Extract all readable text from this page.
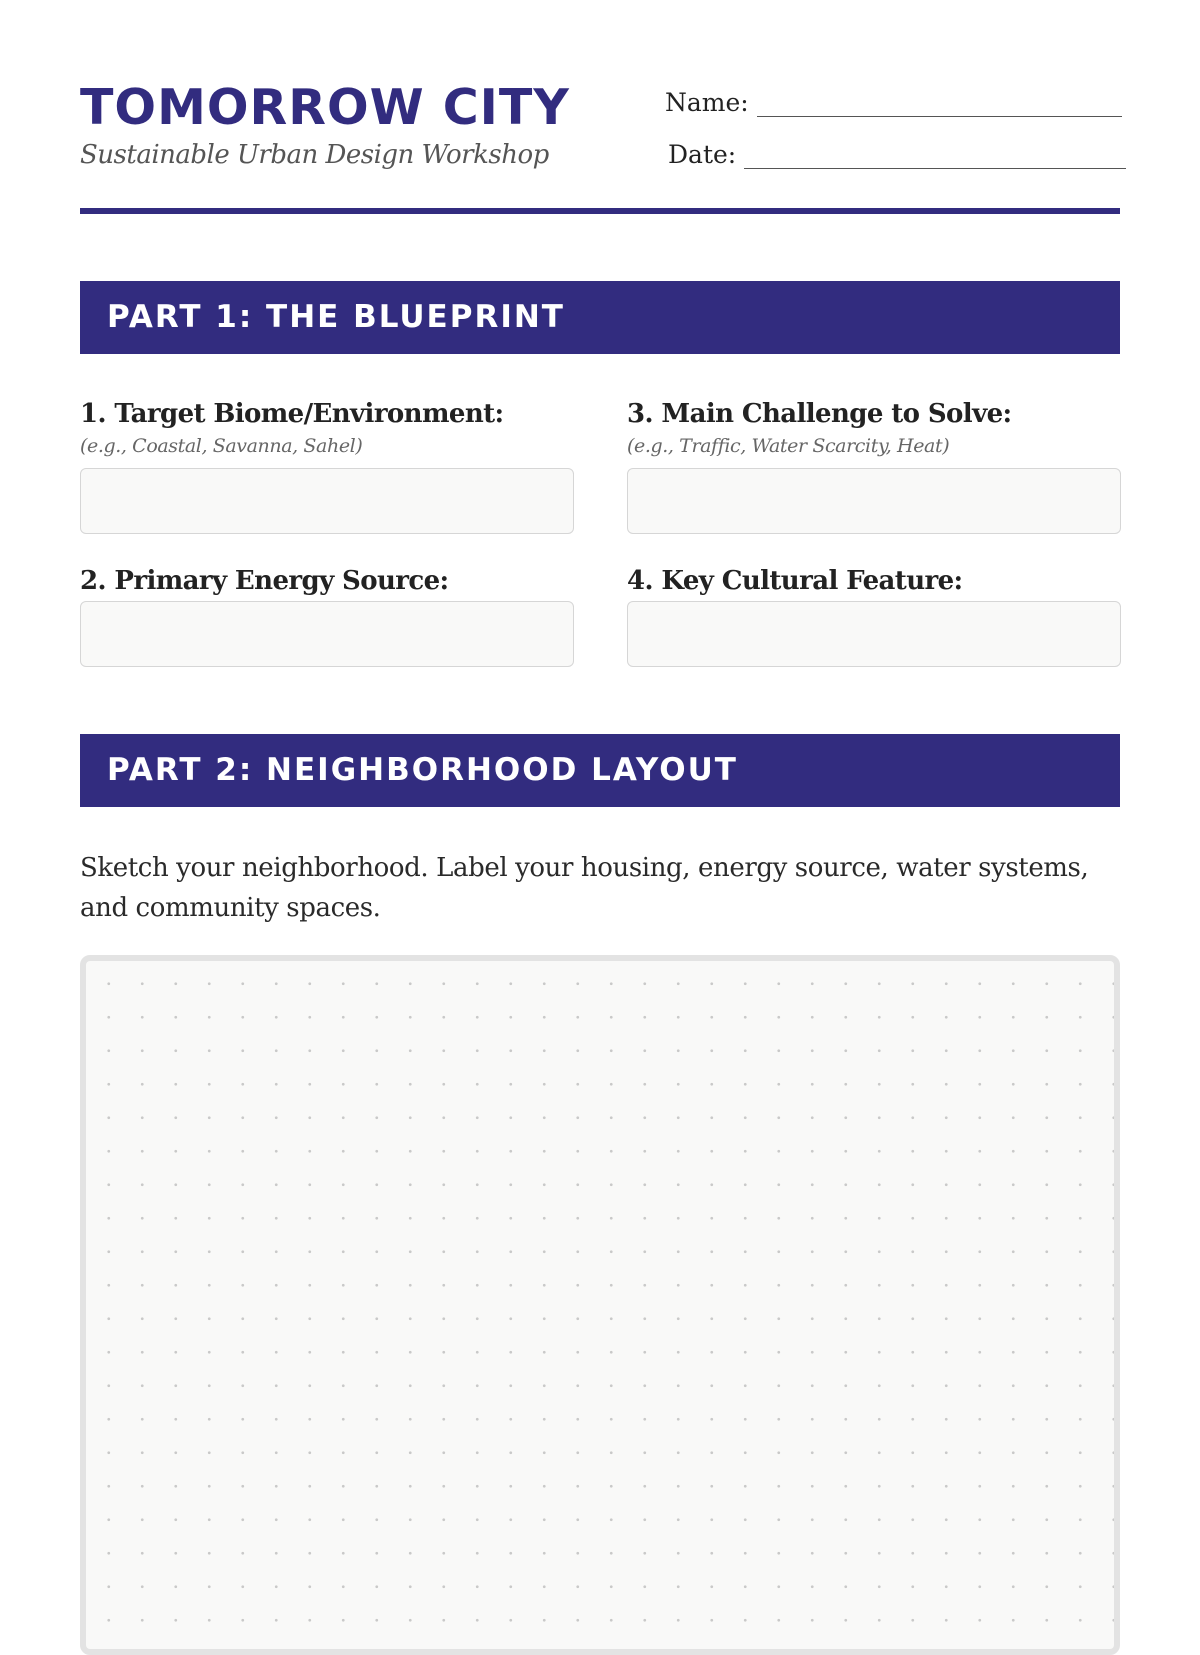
TOMORROW CITY
Sustainable Urban Design Workshop
Name:
Date:
PART 1: THE BLUEPRINT
1. Target Biome/Environment:
(e.g., Coastal, Savanna, Sahel)
3. Main Challenge to Solve:
(e.g., Traffic, Water Scarcity, Heat)
2. Primary Energy Source:	4. Key Cultural Feature:
PART 2: NEIGHBORHOOD LAYOUT
Sketch your neighborhood. Label your housing, energy source, water systems, and community spaces.
